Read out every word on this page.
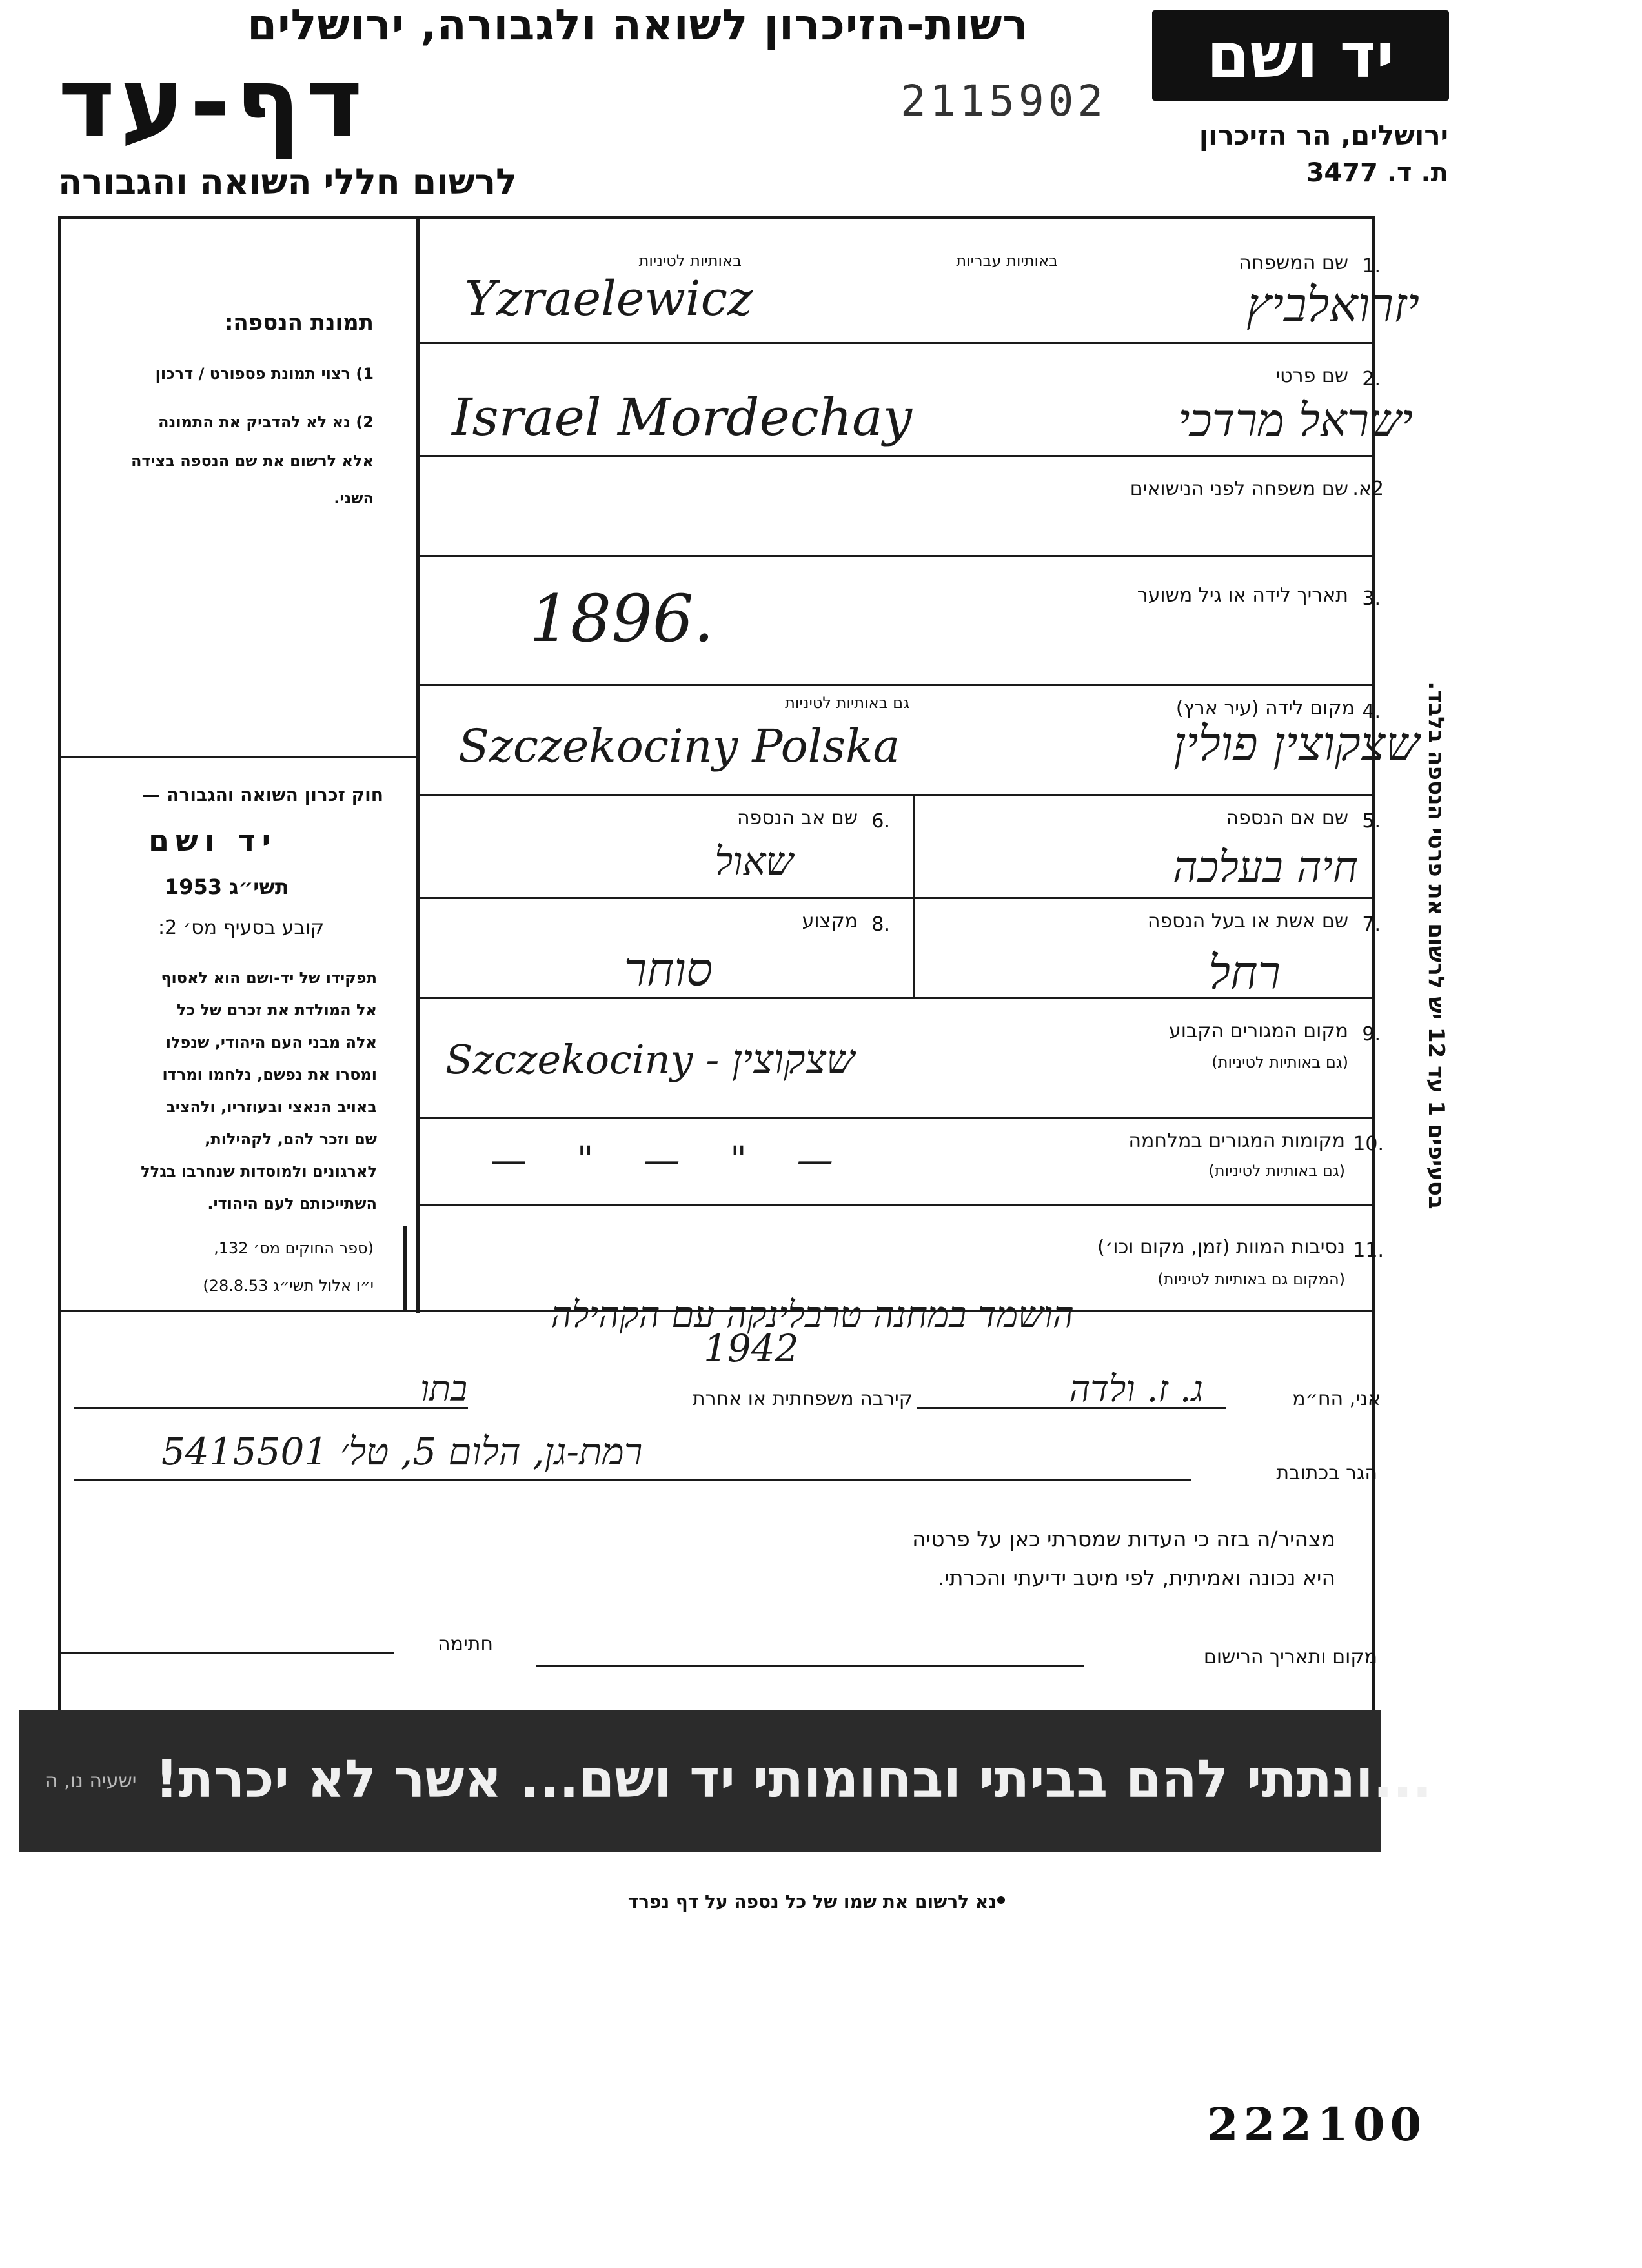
רשות-הזיכרון לשואה ולגבורה, ירושלים
דף-עד
לרשום חללי השואה והגבורה
2115902
יד ושם
ירושלים, הר הזיכרון
ת. ד. 3477
תמונת הנספה:
1) רצוי תמונת פספורט / דרכון
2) נא לא להדביק את התמונה
אלא לרשום את שם הנספה בצידה
השני.
חוק זכרון השואה והגבורה —
יד ושם
תשי״ג 1953
קובע בסעיף מס׳ 2:
תפקידו של יד-ושם הוא לאסוף
אל המולדת את זכרם של כל
אלה מבני העם היהודי, שנפלו
ומסרו את נפשם, נלחמו ומרדו
באויב הנאצי ובעוזריו, ולהציב
שם וזכר להם, לקהילות,
לארגונים ולמוסדות שנחרבו בגלל
השתייכותם לעם היהודי.
(ספר החוקים מס׳ 132,
י״ו אלול תשי״ג 28.8.53)
1.
שם המשפחה
באותיות עבריות
באותיות לטיניות
יזרואלביץ
Yzraelewicz
2.
שם פרטי
ישראל מרדכי
Israel Mordechay
2א.
שם משפחה לפני הנישואים
3.
תאריך לידה או גיל משוער
1896.
4.
מקום לידה (עיר ארץ)
גם באותיות לטיניות
שצקוצין פולין
Szczekociny Polska
5.
שם אם הנספה
חיה בעלכה
6.
שם אב הנספה
שאול
7.
שם אשת או בעל הנספה
רחל
8.
מקצוע
סוחר
9.
מקום המגורים הקבוע
(גם באותיות לטיניות)
Szczekociny - שצקוצין
10.
מקומות המגורים במלחמה
(גם באותיות לטיניות)
— " — " —
11.
נסיבות המוות (זמן, מקום וכו׳)
(המקום גם באותיות לטיניות)
הושמד במחנה טרבלינקה עם הקהילה
1942
אני, הח״מ
ג. ז. ולדה
קירבה משפחתית או אחרת
בתו
הגר בכתובת
רמת-גן, הלום 5, טל׳ 5415501
מצהיר/ה בזה כי העדות שמסרתי כאן על פרטיה
היא נכונה ואמיתית, לפי מיטב ידיעתי והכרתי.
מקום ותאריך הרישום
חתימה
...ונתתי להם בביתי ובחומותי יד ושם... אשר לא יכרת!
ישעיה נו, ה
בסעיפים 1 עד 12 יש לרשום את פרטי הנספה בלבד.
נא לרשום את שמו של כל נספה על דף נפרד
222100
